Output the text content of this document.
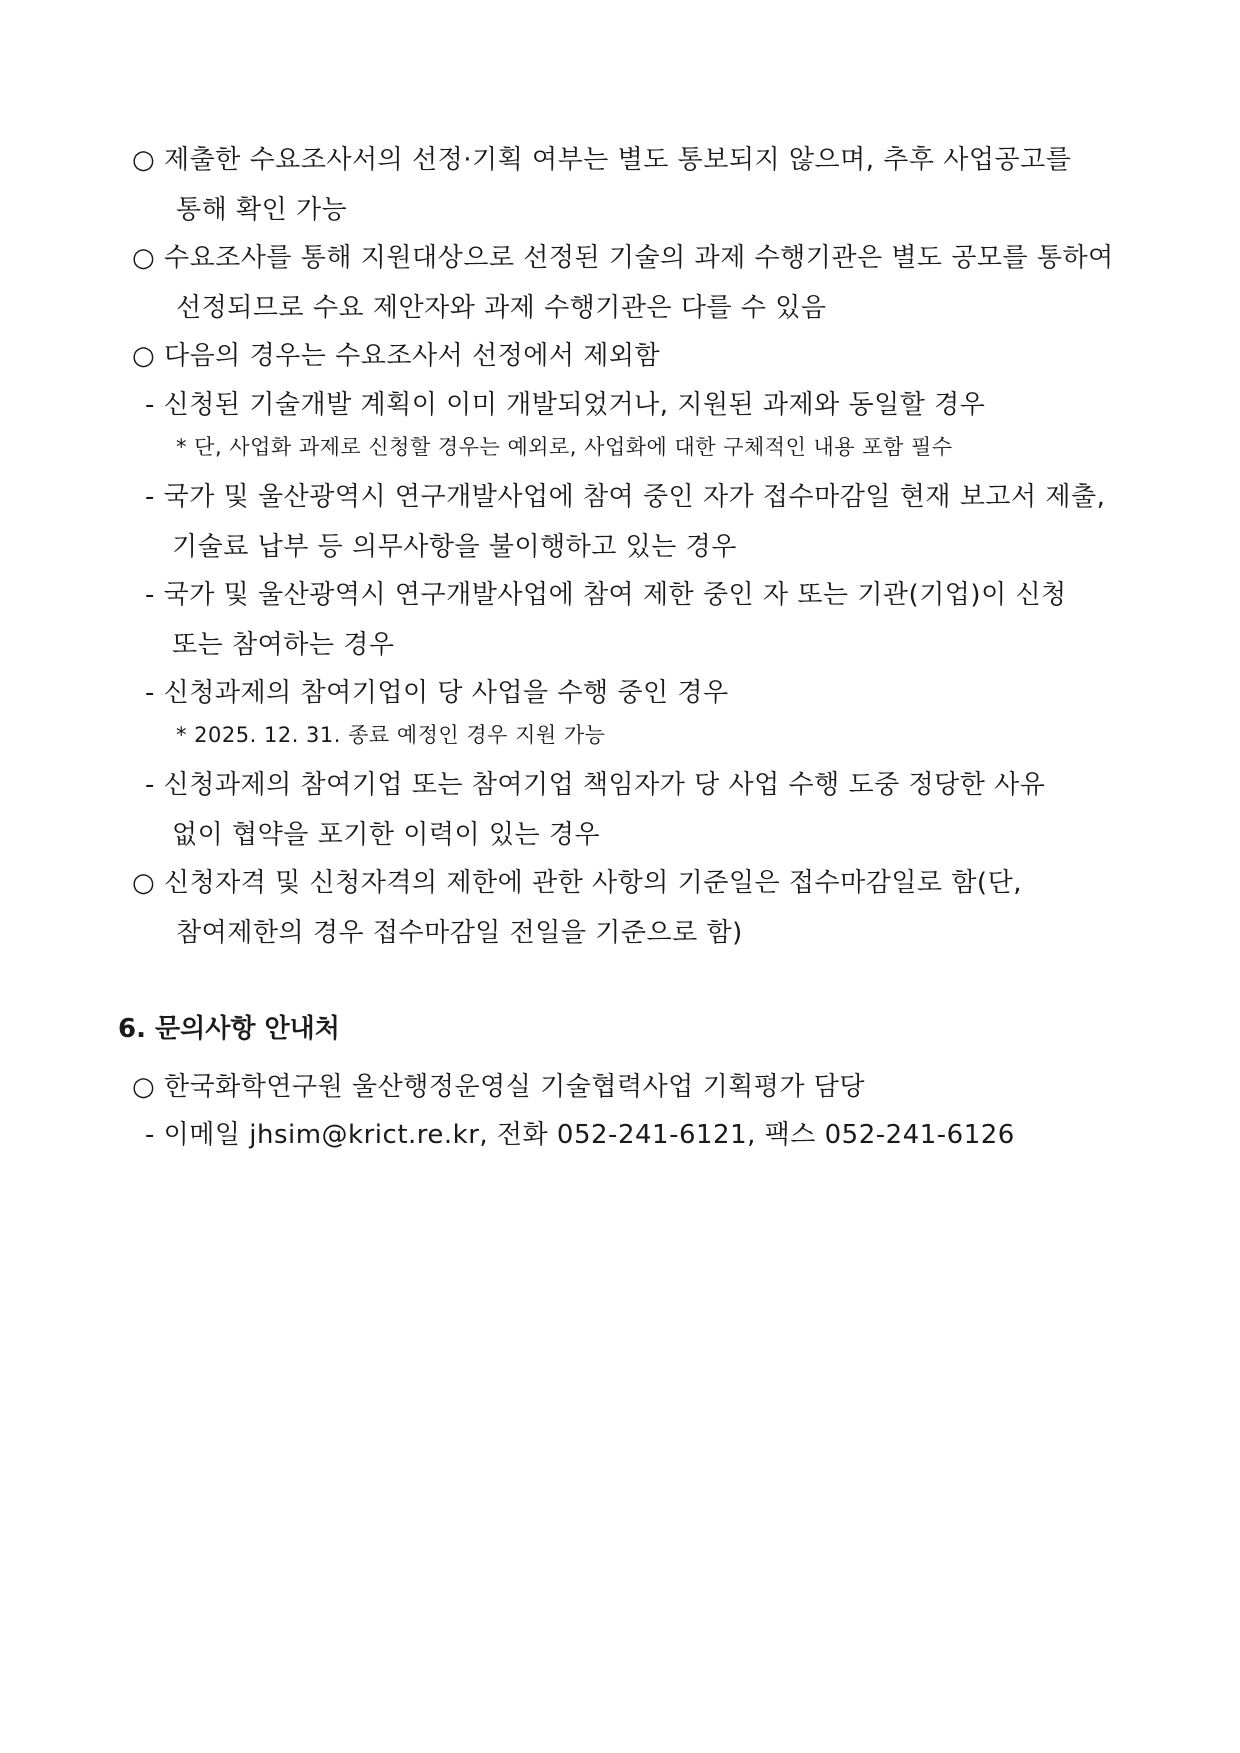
○ 제출한 수요조사서의 선정·기획 여부는 별도 통보되지 않으며, 추후 사업공고를
통해 확인 가능
○ 수요조사를 통해 지원대상으로 선정된 기술의 과제 수행기관은 별도 공모를 통하여
선정되므로 수요 제안자와 과제 수행기관은 다를 수 있음
○ 다음의 경우는 수요조사서 선정에서 제외함
- 신청된 기술개발 계획이 이미 개발되었거나, 지원된 과제와 동일할 경우
* 단, 사업화 과제로 신청할 경우는 예외로, 사업화에 대한 구체적인 내용 포함 필수
- 국가 및 울산광역시 연구개발사업에 참여 중인 자가 접수마감일 현재 보고서 제출,
기술료 납부 등 의무사항을 불이행하고 있는 경우
- 국가 및 울산광역시 연구개발사업에 참여 제한 중인 자 또는 기관(기업)이 신청
또는 참여하는 경우
- 신청과제의 참여기업이 당 사업을 수행 중인 경우
* 2025. 12. 31. 종료 예정인 경우 지원 가능
- 신청과제의 참여기업 또는 참여기업 책임자가 당 사업 수행 도중 정당한 사유
없이 협약을 포기한 이력이 있는 경우
○ 신청자격 및 신청자격의 제한에 관한 사항의 기준일은 접수마감일로 함(단,
참여제한의 경우 접수마감일 전일을 기준으로 함)
6. 문의사항 안내처
○ 한국화학연구원 울산행정운영실 기술협력사업 기획평가 담당
- 이메일 jhsim@krict.re.kr, 전화 052-241-6121, 팩스 052-241-6126
